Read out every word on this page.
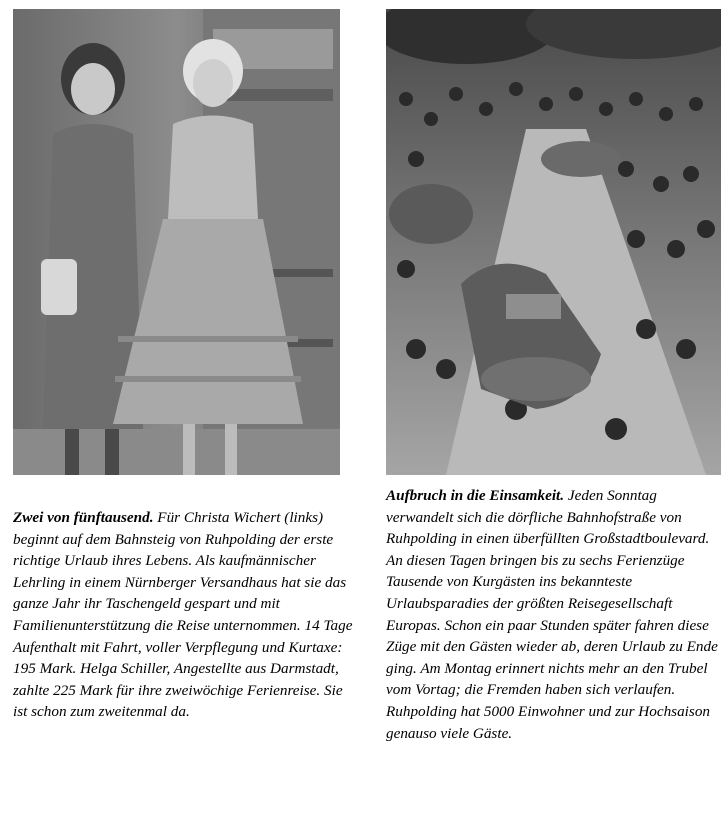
Zwei von fünftausend. Für Christa Wichert (links) beginnt auf dem Bahnsteig von Ruhpolding der erste richtige Urlaub ihres Lebens. Als kaufmännischer Lehrling in einem Nürnberger Versandhaus hat sie das ganze Jahr ihr Taschengeld gespart und mit Familienunterstützung die Reise unternommen. 14 Tage Aufenthalt mit Fahrt, voller Verpflegung und Kurtaxe: 195 Mark. Helga Schiller, Angestellte aus Darmstadt, zahlte 225 Mark für ihre zweiwöchige Ferienreise. Sie ist schon zum zweitenmal da.

Aufbruch in die Einsamkeit. Jeden Sonntag verwandelt sich die dörfliche Bahnhofstraße von Ruhpolding in einen überfüllten Großstadtboulevard. An diesen Tagen bringen bis zu sechs Ferienzüge Tausende von Kurgästen ins bekannteste Urlaubsparadies der größten Reisegesellschaft Europas. Schon ein paar Stunden später fahren diese Züge mit den Gästen wieder ab, deren Urlaub zu Ende ging. Am Montag erinnert nichts mehr an den Trubel vom Vortag; die Fremden haben sich verlaufen. Ruhpolding hat 5000 Einwohner und zur Hochsaison genauso viele Gäste.
